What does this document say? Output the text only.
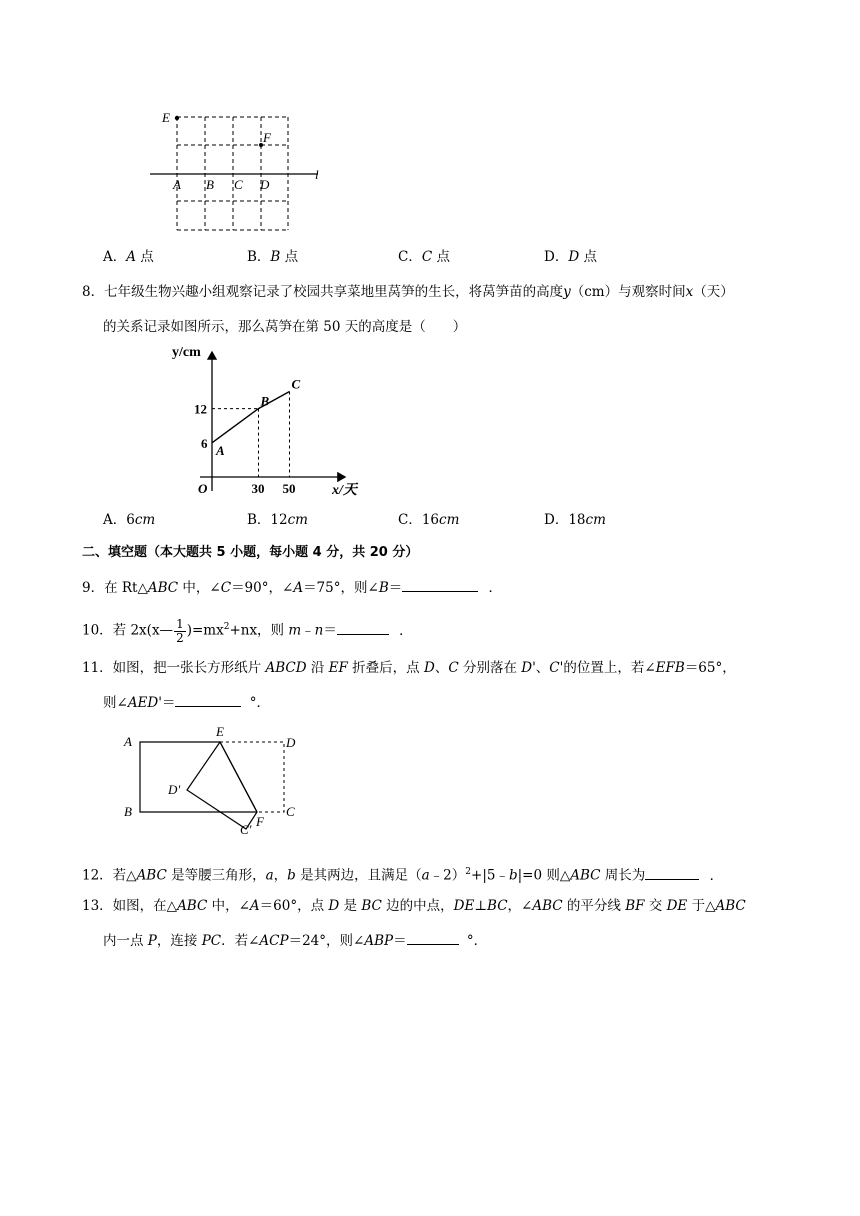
E
F
l
A B C D
A．A 点	B．B 点	C．C 点	D．D 点
8．七年级生物兴趣小组观察记录了校园共享菜地里莴笋的生长，将莴笋苗的高度y（cm）与观察时间x（天）
的关系记录如图所示，那么莴笋在第 50 天的高度是（　　）
y/cm
x/天
O
A
B
C
30 50
6
12
A．6cm	B．12cm	C．16cm	D．18cm
二、填空题（本大题共 5 小题，每小题 4 分，共 20 分）
9．在 Rt△ABC 中，∠C＝90°，∠A＝75°，则∠B＝	．
10．若 2x(x— $\frac{1}{2} )=mx^2+nx$，则 m﹣n＝	．
11．如图，把一张长方形纸片 ABCD 沿 EF 折叠后，点 D、C 分别落在 D'、C'的位置上，若∠EFB＝65°，
则∠AED'＝	°．
A
E
D
D'
B
F
C
C'
12．若△ABC 是等腰三角形，a，b 是其两边，且满足（a﹣2）$^2$+|5﹣b|=0 则△ABC 周长为	．
13．如图，在△ABC 中，∠A＝60°，点 D 是 BC 边的中点，DE⊥BC，∠ABC 的平分线 BF 交 DE 于△ABC
内一点 P，连接 PC．若∠ACP＝24°，则∠ABP＝	°．
